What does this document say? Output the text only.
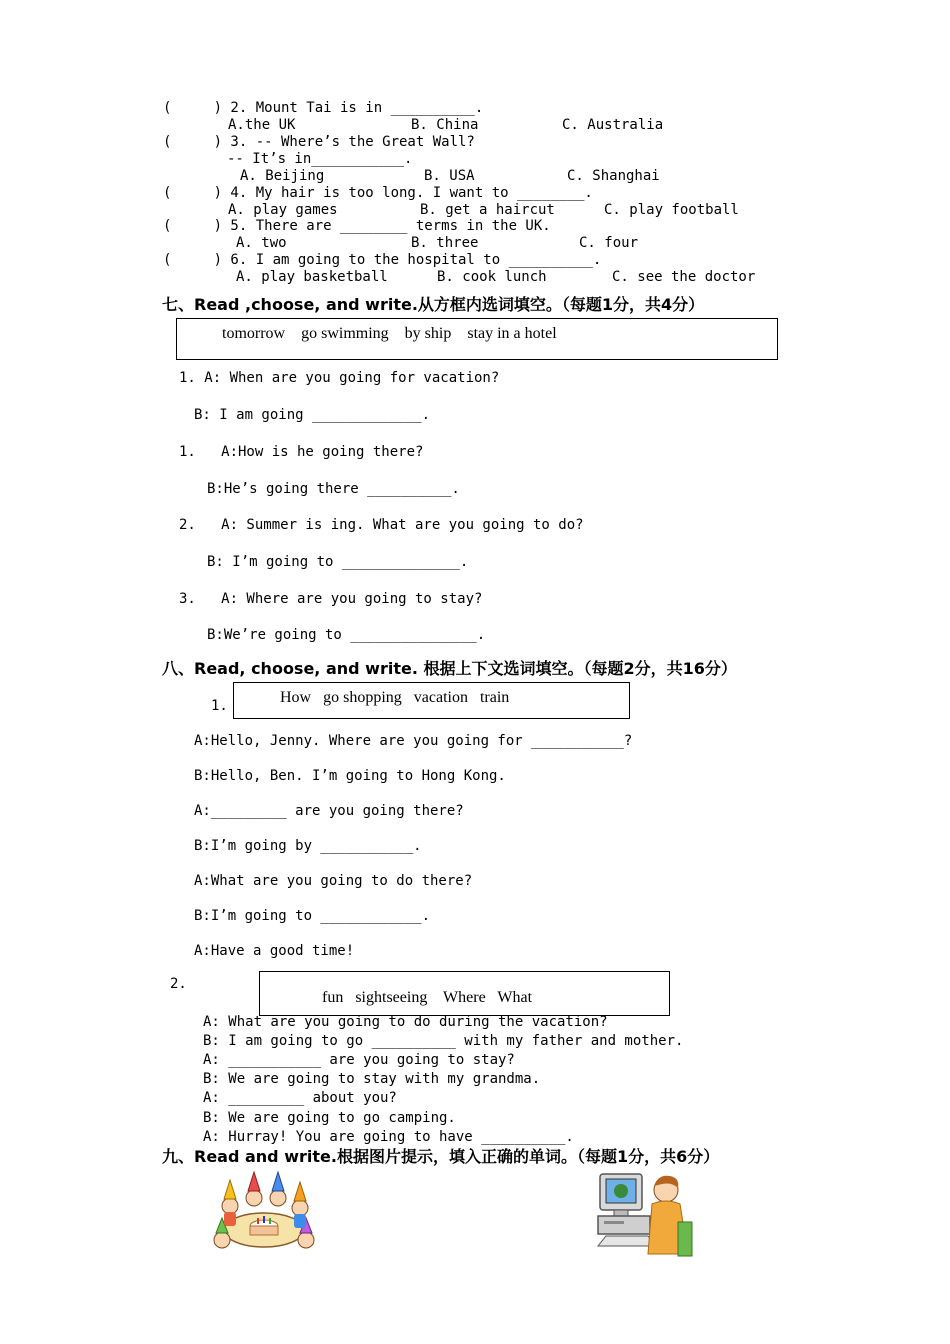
(     ) 2. Mount Tai is in __________.
A.the UK	B. China	C. Australia
(     ) 3. -- Where’s the Great Wall?
-- It’s in___________.
A. Beijing	B. USA	C. Shanghai
(     ) 4. My hair is too long. I want to ________.
A. play games	B. get a haircut	C. play football
(     ) 5. There are ________ terms in the UK.
A. two	B. three	C. four
(     ) 6. I am going to the hospital to __________.
A. play basketball	B. cook lunch	C. see the doctor
七、Read ,choose, and write.从方框内选词填空。（每题1分，共4分）
tomorrow    go swimming    by ship    stay in a hotel
1. A: When are you going for vacation?
B: I am going _____________.
1.   A:How is he going there?
B:He’s going there __________.
2.   A: Summer is ing. What are you going to do?
B: I’m going to ______________.
3.   A: Where are you going to stay?
B:We’re going to _______________.
八、Read, choose, and write. 根据上下文选词填空。（每题2分，共16分）
1.	How   go shopping   vacation   train
A:Hello, Jenny. Where are you going for ___________?
B:Hello, Ben. I’m going to Hong Kong.
A:_________ are you going there?
B:I’m going by ___________.
A:What are you going to do there?
B:I’m going to ____________.
A:Have a good time!
2.
fun   sightseeing    Where   What
A: What are you going to do during the vacation?
B: I am going to go __________ with my father and mother.
A: ___________ are you going to stay?
B: We are going to stay with my grandma.
A: _________ about you?
B: We are going to go camping.
A: Hurray! You are going to have __________.
九、Read and write.根据图片提示，填入正确的单词。（每题1分，共6分）
